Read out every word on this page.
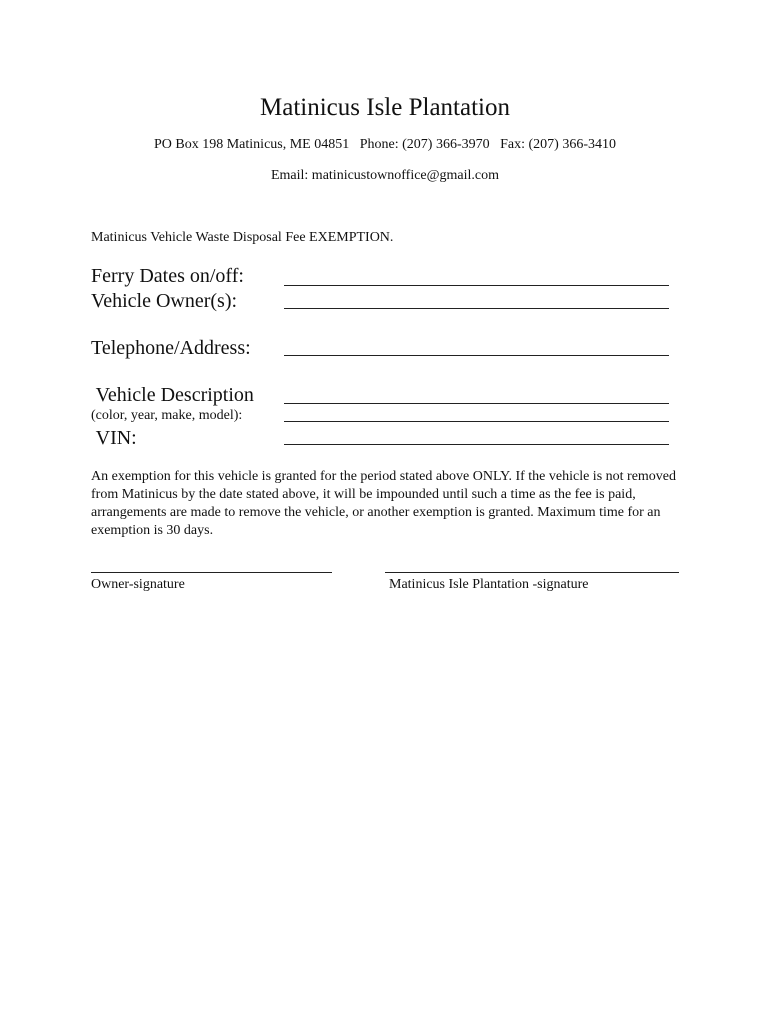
Matinicus Isle Plantation
PO Box 198 Matinicus, ME 04851   Phone: (207) 366-3970   Fax: (207) 366-3410
Email: matinicustownoffice@gmail.com
Matinicus Vehicle Waste Disposal Fee EXEMPTION.
Ferry Dates on/off:
Vehicle Owner(s):
Telephone/Address:
Vehicle Description
(color, year, make, model):
VIN:
An exemption for this vehicle is granted for the period stated above ONLY. If the vehicle is not removed from Matinicus by the date stated above, it will be impounded until such a time as the fee is paid, arrangements are made to remove the vehicle, or another exemption is granted. Maximum time for an exemption is 30 days.
Owner-signature	Matinicus Isle Plantation -signature
